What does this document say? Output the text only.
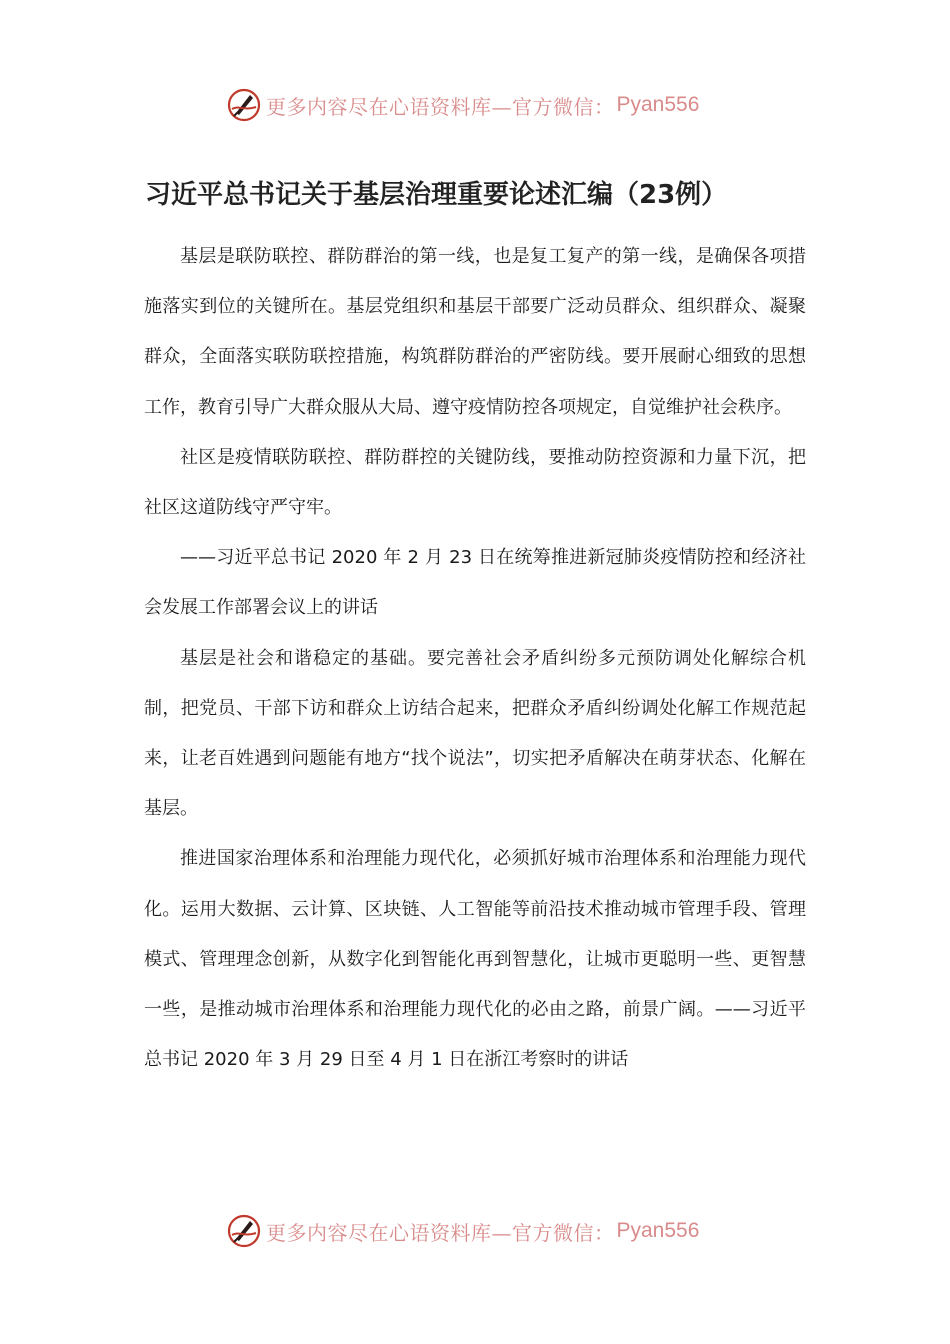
更多内容尽在心语资料库—官方微信： Pyan556
习近平总书记关于基层治理重要论述汇编（23例）

基层是联防联控、群防群治的第一线，也是复工复产的第一线，是确保各项措施落实到位的关键所在。基层党组织和基层干部要广泛动员群众、组织群众、凝聚群众，全面落实联防联控措施，构筑群防群治的严密防线。要开展耐心细致的思想工作，教育引导广大群众服从大局、遵守疫情防控各项规定，自觉维护社会秩序。

社区是疫情联防联控、群防群控的关键防线，要推动防控资源和力量下沉，把社区这道防线守严守牢。

——习近平总书记 2020 年 2 月 23 日在统筹推进新冠肺炎疫情防控和经济社会发展工作部署会议上的讲话

基层是社会和谐稳定的基础。要完善社会矛盾纠纷多元预防调处化解综合机制，把党员、干部下访和群众上访结合起来，把群众矛盾纠纷调处化解工作规范起来，让老百姓遇到问题能有地方“找个说法”，切实把矛盾解决在萌芽状态、化解在基层。

推进国家治理体系和治理能力现代化，必须抓好城市治理体系和治理能力现代化。运用大数据、云计算、区块链、人工智能等前沿技术推动城市管理手段、管理模式、管理理念创新，从数字化到智能化再到智慧化，让城市更聪明一些、更智慧一些，是推动城市治理体系和治理能力现代化的必由之路，前景广阔。——习近平总书记 2020 年 3 月 29 日至 4 月 1 日在浙江考察时的讲话

更多内容尽在心语资料库—官方微信： Pyan556
